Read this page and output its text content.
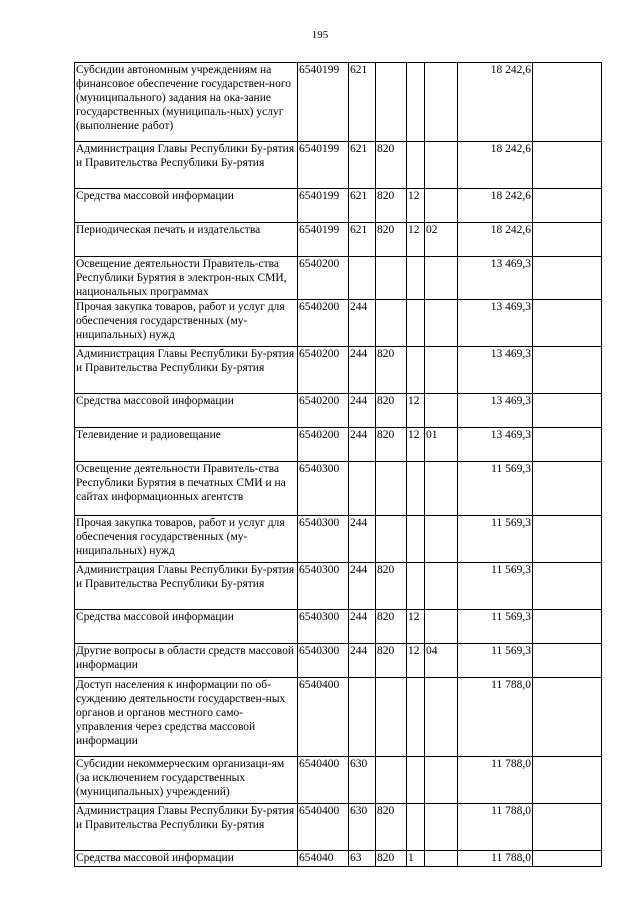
195
Субсидии автономным учреждениям на финансовое обеспечение государствен-ного (муниципального) задания на ока-зание государственных (муниципаль-ных) услуг (выполнение работ)	6540199	621				18 242,6	
Администрация Главы Республики Бу-рятия и Правительства Республики Бу-рятия	6540199	621	820			18 242,6	
Средства массовой информации	6540199	621	820	12		18 242,6	
Периодическая печать и издательства	6540199	621	820	12	02	18 242,6	
Освещение деятельности Правитель-ства Республики Бурятия в электрон-ных СМИ, национальных программах	6540200					13 469,3	
Прочая закупка товаров, работ и услуг для обеспечения государственных (му-ниципальных) нужд	6540200	244				13 469,3	
Администрация Главы Республики Бу-рятия и Правительства Республики Бу-рятия	6540200	244	820			13 469,3	
Средства массовой информации	6540200	244	820	12		13 469,3	
Телевидение и радиовещание	6540200	244	820	12	01	13 469,3	
Освещение деятельности Правитель-ства Республики Бурятия в печатных СМИ и на сайтах информационных агентств	6540300					11 569,3	
Прочая закупка товаров, работ и услуг для обеспечения государственных (му-ниципальных) нужд	6540300	244				11 569,3	
Администрация Главы Республики Бу-рятия и Правительства Республики Бу-рятия	6540300	244	820			11 569,3	
Средства массовой информации	6540300	244	820	12		11 569,3	
Другие вопросы в области средств массовой информации	6540300	244	820	12	04	11 569,3	
Доступ населения к информации по об-суждению деятельности государствен-ных органов и органов местного само-управления через средства массовой информации	6540400					11 788,0	
Субсидии некоммерческим организаци-ям (за исключением государственных (муниципальных) учреждений)	6540400	630				11 788,0	
Администрация Главы Республики Бу-рятия и Правительства Республики Бу-рятия	6540400	630	820			11 788,0	
Средства массовой информации	654040	63	820	1		11 788,0	
